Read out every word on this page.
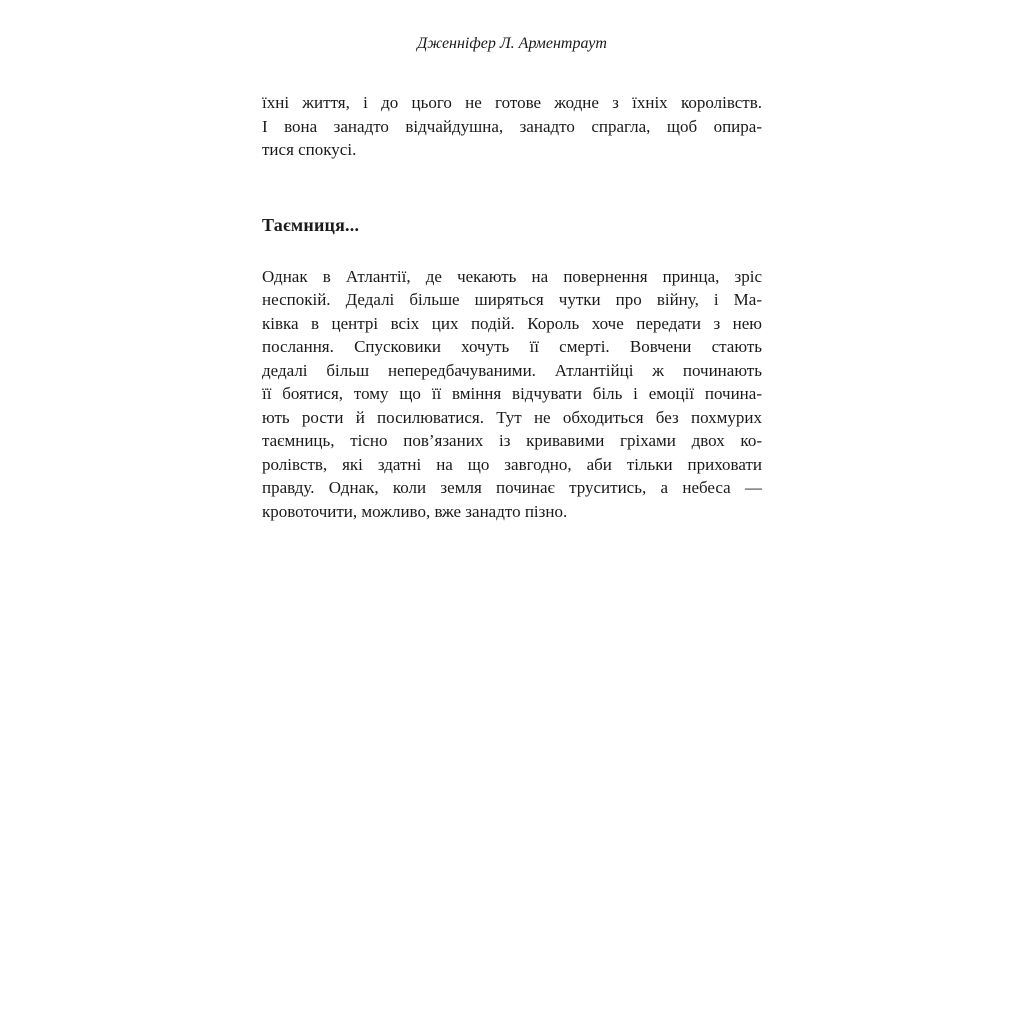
Дженніфер Л. Арментраут
їхні життя, і до цього не готове жодне з їхніх королівств.
І вона занадто відчайдушна, занадто спрагла, щоб опира-
тися спокусі.
Таємниця...
Однак в Атлантії, де чекають на повернення принца, зріс
неспокій. Дедалі більше ширяться чутки про війну, і Ма-
ківка в центрі всіх цих подій. Король хоче передати з нею
послання. Спусковики хочуть її смерті. Вовчени стають
дедалі більш непередбачуваними. Атлантійці ж починають
її боятися, тому що її вміння відчувати біль і емоції почина-
ють рости й посилюватися. Тут не обходиться без похмурих
таємниць, тісно пов’язаних із кривавими гріхами двох ко-
ролівств, які здатні на що завгодно, аби тільки приховати
правду. Однак, коли земля починає труситись, а небеса —
кровоточити, можливо, вже занадто пізно.
